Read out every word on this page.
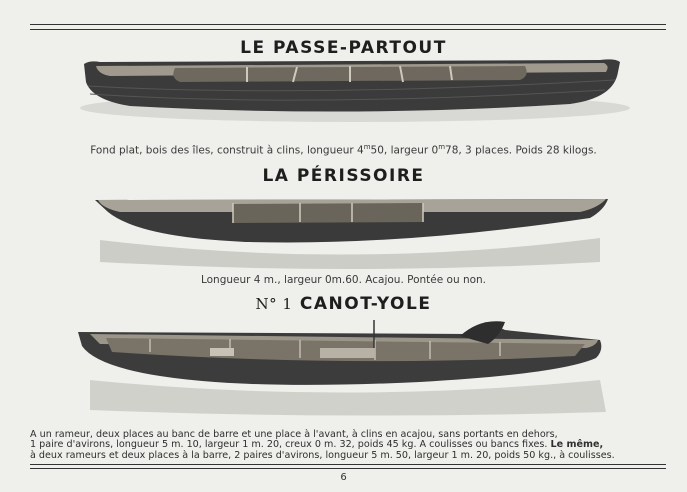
LE PASSE-PARTOUT
Fond plat, bois des îles, construit à clins, longueur 4$^m$50, largeur 0$^m$78, 3 places. Poids 28 kilogs.
LA PÉRISSOIRE
Longueur 4 m., largeur 0m.60. Acajou. Pontée ou non.
N° 1 CANOT-YOLE
A un rameur, deux places au banc de barre et une place à l'avant, à clins en acajou, sans portants en dehors,
1 paire d'avirons, longueur 5 m. 10, largeur 1 m. 20, creux 0 m. 32, poids 45 kg. A coulisses ou bancs fixes. Le même,
à deux rameurs et deux places à la barre, 2 paires d'avirons, longueur 5 m. 50, largeur 1 m. 20, poids 50 kg., à coulisses.
6
